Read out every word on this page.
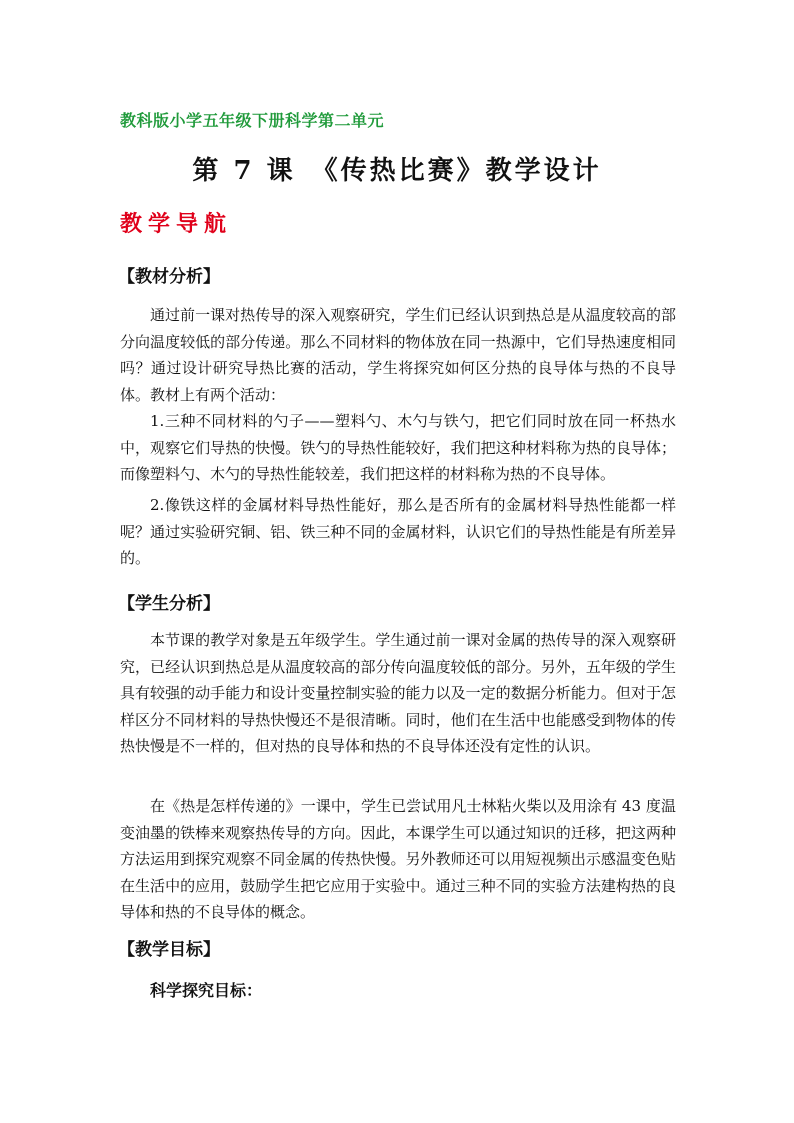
教科版小学五年级下册科学第二单元
第 7 课　《传热比赛》教学设计
教学导航
【教材分析】
通过前一课对热传导的深入观察研究，学生们已经认识到热总是从温度较高的部分向温度较低的部分传递。那么不同材料的物体放在同一热源中，它们导热速度相同吗？通过设计研究导热比赛的活动，学生将探究如何区分热的良导体与热的不良导体。教材上有两个活动：
1.三种不同材料的勺子——塑料勺、木勺与铁勺，把它们同时放在同一杯热水中，观察它们导热的快慢。铁勺的导热性能较好，我们把这种材料称为热的良导体；而像塑料勺、木勺的导热性能较差，我们把这样的材料称为热的不良导体。
2.像铁这样的金属材料导热性能好，那么是否所有的金属材料导热性能都一样呢？通过实验研究铜、铝、铁三种不同的金属材料，认识它们的导热性能是有所差异的。
【学生分析】
本节课的教学对象是五年级学生。学生通过前一课对金属的热传导的深入观察研究，已经认识到热总是从温度较高的部分传向温度较低的部分。另外，五年级的学生具有较强的动手能力和设计变量控制实验的能力以及一定的数据分析能力。但对于怎样区分不同材料的导热快慢还不是很清晰。同时，他们在生活中也能感受到物体的传热快慢是不一样的，但对热的良导体和热的不良导体还没有定性的认识。
在《热是怎样传递的》一课中，学生已尝试用凡士林粘火柴以及用涂有 43 度温变油墨的铁棒来观察热传导的方向。因此，本课学生可以通过知识的迁移，把这两种方法运用到探究观察不同金属的传热快慢。另外教师还可以用短视频出示感温变色贴在生活中的应用，鼓励学生把它应用于实验中。通过三种不同的实验方法建构热的良导体和热的不良导体的概念。
【教学目标】
科学探究目标：
